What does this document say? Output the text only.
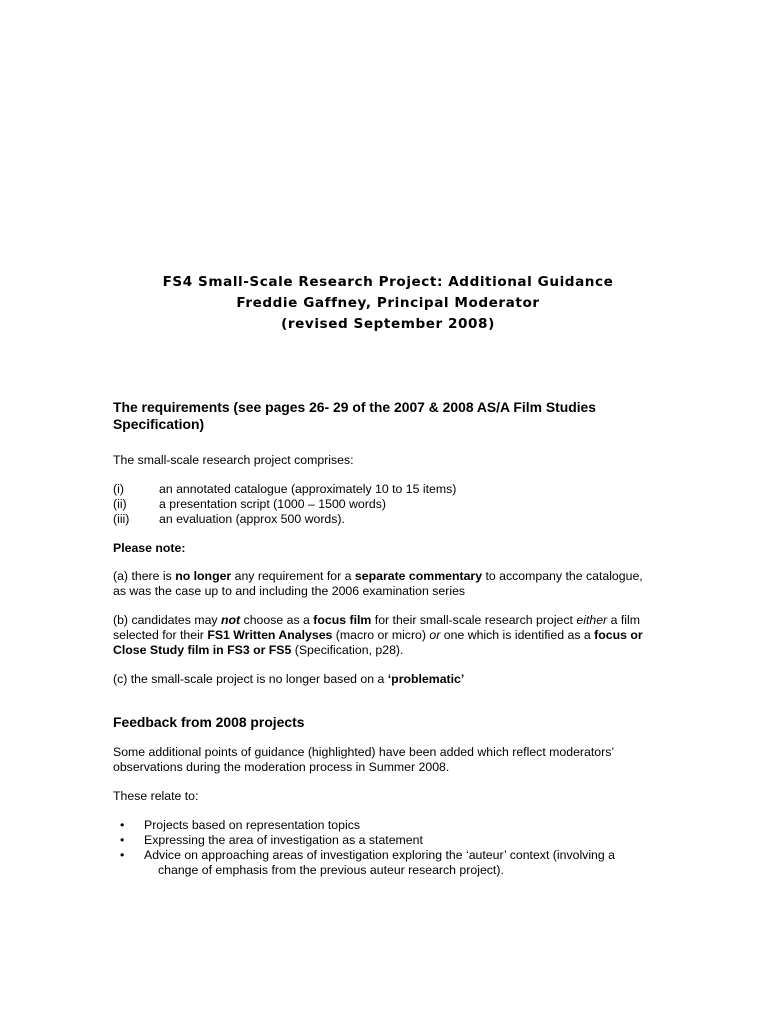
FS4 Small-Scale Research Project: Additional Guidance
Freddie Gaffney, Principal Moderator
(revised September 2008)

The requirements (see pages 26- 29 of the 2007 & 2008 AS/A Film Studies Specification)

The small-scale research project comprises:

(i)	an annotated catalogue (approximately 10 to 15 items)
(ii)	a presentation script (1000 – 1500 words)
(iii)	an evaluation (approx 500 words).

Please note:

(a) there is no longer any requirement for a separate commentary to accompany the catalogue, as was the case up to and including the 2006 examination series

(b) candidates may not choose as a focus film for their small-scale research project either a film selected for their FS1 Written Analyses (macro or micro) or one which is identified as a focus or Close Study film in FS3 or FS5 (Specification, p28).

(c) the small-scale project is no longer based on a ‘problematic’

Feedback from 2008 projects

Some additional points of guidance (highlighted) have been added which reflect moderators’ observations during the moderation process in Summer 2008.

These relate to:

• Projects based on representation topics
• Expressing the area of investigation as a statement
• Advice on approaching areas of investigation exploring the ‘auteur’ context (involving a
change of emphasis from the previous auteur research project).
